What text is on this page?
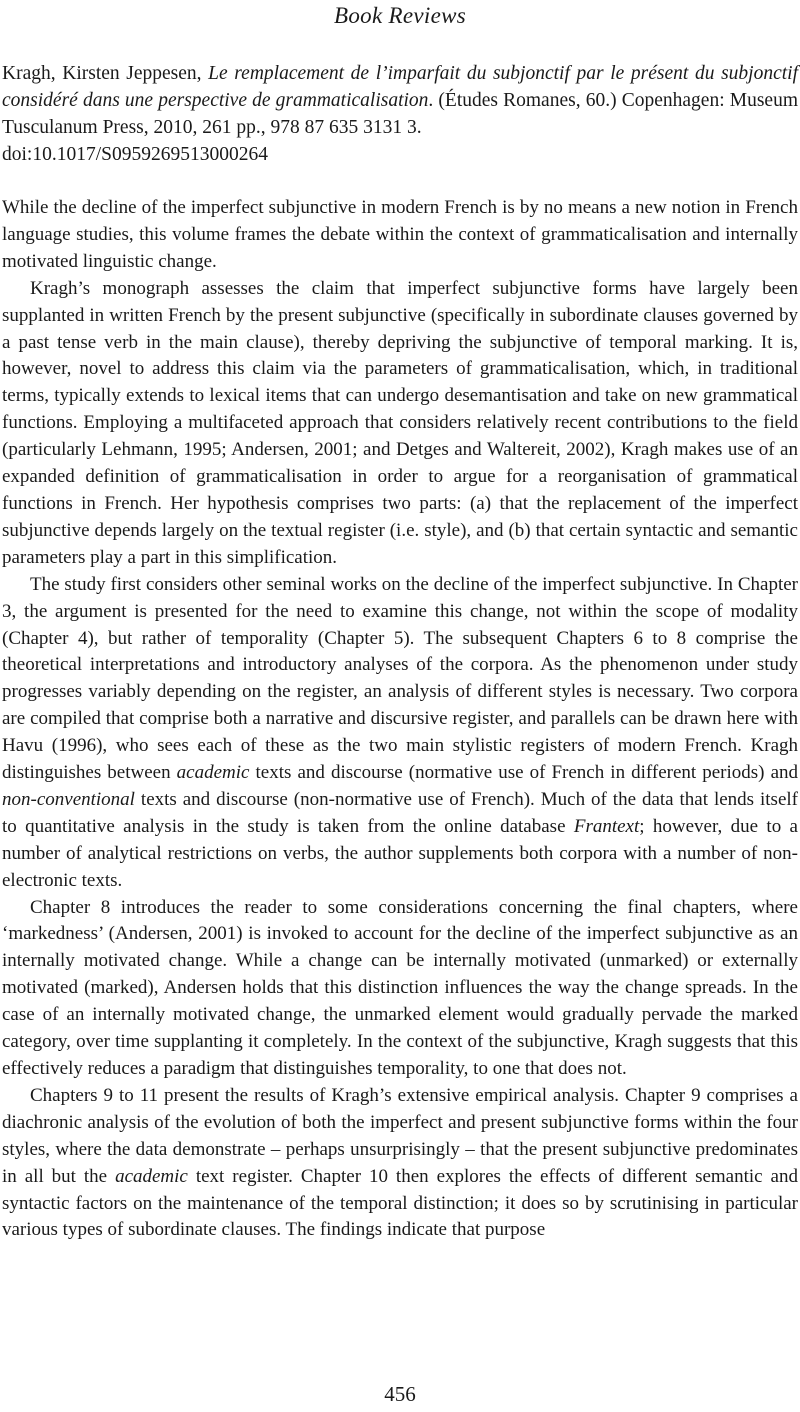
Book Reviews

Kragh, Kirsten Jeppesen, Le remplacement de l’imparfait du subjonctif par le présent du subjonctif considéré dans une perspective de grammaticalisation. (Études Romanes, 60.) Copenhagen: Museum Tusculanum Press, 2010, 261 pp., 978 87 635 3131 3.

doi:10.1017/S0959269513000264

While the decline of the imperfect subjunctive in modern French is by no means a new notion in French language studies, this volume frames the debate within the context of grammaticalisation and internally motivated linguistic change.

Kragh’s monograph assesses the claim that imperfect subjunctive forms have largely been supplanted in written French by the present subjunctive (specifically in subordinate clauses governed by a past tense verb in the main clause), thereby depriving the subjunctive of temporal marking. It is, however, novel to address this claim via the parameters of grammaticalisation, which, in traditional terms, typically extends to lexical items that can undergo desemantisation and take on new grammatical functions. Employing a multifaceted approach that considers relatively recent contributions to the field (particularly Lehmann, 1995; Andersen, 2001; and Detges and Waltereit, 2002), Kragh makes use of an expanded definition of grammaticalisation in order to argue for a reorganisation of grammatical functions in French. Her hypothesis comprises two parts: (a) that the replacement of the imperfect subjunctive depends largely on the textual register (i.e. style), and (b) that certain syntactic and semantic parameters play a part in this simplification.

The study first considers other seminal works on the decline of the imperfect subjunctive. In Chapter 3, the argument is presented for the need to examine this change, not within the scope of modality (Chapter 4), but rather of temporality (Chapter 5). The subsequent Chapters 6 to 8 comprise the theoretical interpretations and introductory analyses of the corpora. As the phenomenon under study progresses variably depending on the register, an analysis of different styles is necessary. Two corpora are compiled that comprise both a narrative and discursive register, and parallels can be drawn here with Havu (1996), who sees each of these as the two main stylistic registers of modern French. Kragh distinguishes between academic texts and discourse (normative use of French in different periods) and non-conventional texts and discourse (non-normative use of French). Much of the data that lends itself to quantitative analysis in the study is taken from the online database Frantext; however, due to a number of analytical restrictions on verbs, the author supplements both corpora with a number of non-electronic texts.

Chapter 8 introduces the reader to some considerations concerning the final chapters, where ‘markedness’ (Andersen, 2001) is invoked to account for the decline of the imperfect subjunctive as an internally motivated change. While a change can be internally motivated (unmarked) or externally motivated (marked), Andersen holds that this distinction influences the way the change spreads. In the case of an internally motivated change, the unmarked element would gradually pervade the marked category, over time supplanting it completely. In the context of the subjunctive, Kragh suggests that this effectively reduces a paradigm that distinguishes temporality, to one that does not.

Chapters 9 to 11 present the results of Kragh’s extensive empirical analysis. Chapter 9 comprises a diachronic analysis of the evolution of both the imperfect and present subjunctive forms within the four styles, where the data demonstrate – perhaps unsurprisingly – that the present subjunctive predominates in all but the academic text register. Chapter 10 then explores the effects of different semantic and syntactic factors on the maintenance of the temporal distinction; it does so by scrutinising in particular various types of subordinate clauses. The findings indicate that purpose

456
